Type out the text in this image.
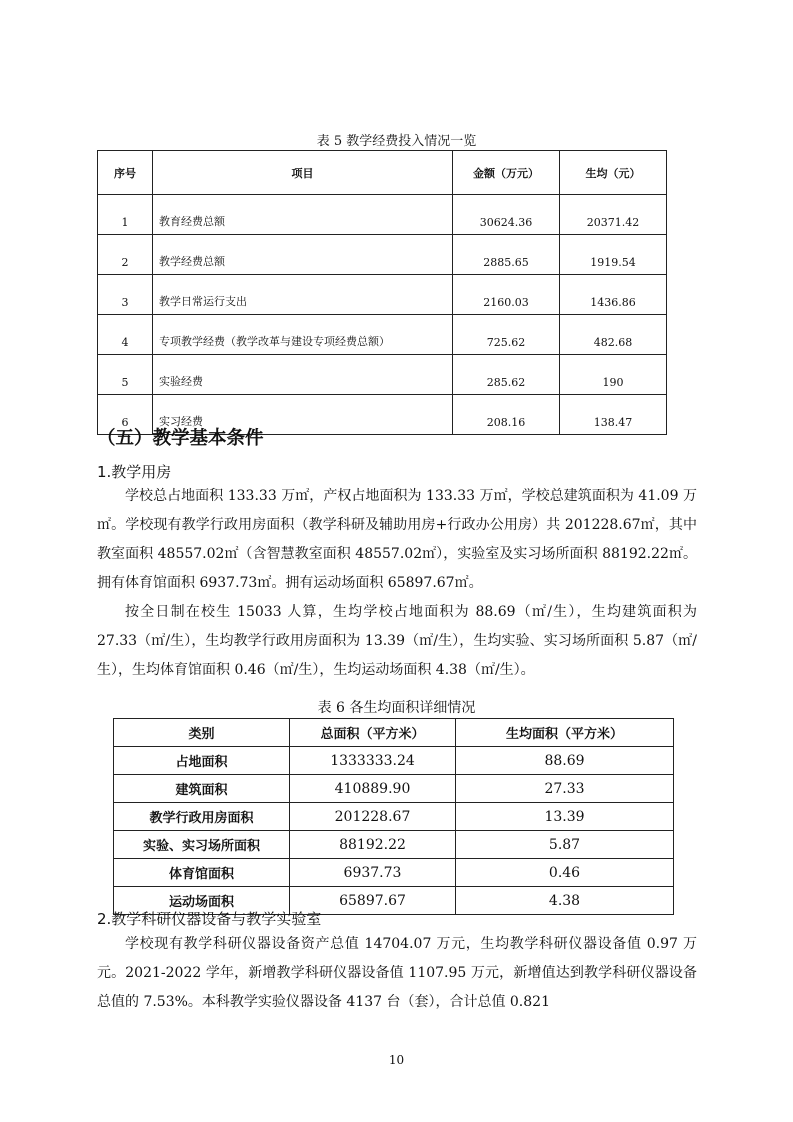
表 5 教学经费投入情况一览
序号	项目	金额（万元）	生均（元）
1	教育经费总额	30624.36	20371.42
2	教学经费总额	2885.65	1919.54
3	教学日常运行支出	2160.03	1436.86
4	专项教学经费（教学改革与建设专项经费总额）	725.62	482.68
5	实验经费	285.62	190
6	实习经费	208.16	138.47
（五）教学基本条件
1.教学用房

学校总占地面积 133.33 万㎡，产权占地面积为 133.33 万㎡，学校总建筑面积为 41.09 万㎡。学校现有教学行政用房面积（教学科研及辅助用房+行政办公用房）共 201228.67㎡，其中教室面积 48557.02㎡（含智慧教室面积 48557.02㎡），实验室及实习场所面积 88192.22㎡。拥有体育馆面积 6937.73㎡。拥有运动场面积 65897.67㎡。

按全日制在校生 15033 人算，生均学校占地面积为 88.69（㎡/生），生均建筑面积为 27.33（㎡/生），生均教学行政用房面积为 13.39（㎡/生），生均实验、实习场所面积 5.87（㎡/生），生均体育馆面积 0.46（㎡/生），生均运动场面积 4.38（㎡/生）。

表 6 各生均面积详细情况
类别	总面积（平方米）	生均面积（平方米）
占地面积	1333333.24	88.69
建筑面积	410889.90	27.33
教学行政用房面积	201228.67	13.39
实验、实习场所面积	88192.22	5.87
体育馆面积	6937.73	0.46
运动场面积	65897.67	4.38
2.教学科研仪器设备与教学实验室

学校现有教学科研仪器设备资产总值 14704.07 万元，生均教学科研仪器设备值 0.97 万元。2021-2022 学年，新增教学科研仪器设备值 1107.95 万元，新增值达到教学科研仪器设备总值的 7.53%。本科教学实验仪器设备 4137 台（套），合计总值 0.821

10
